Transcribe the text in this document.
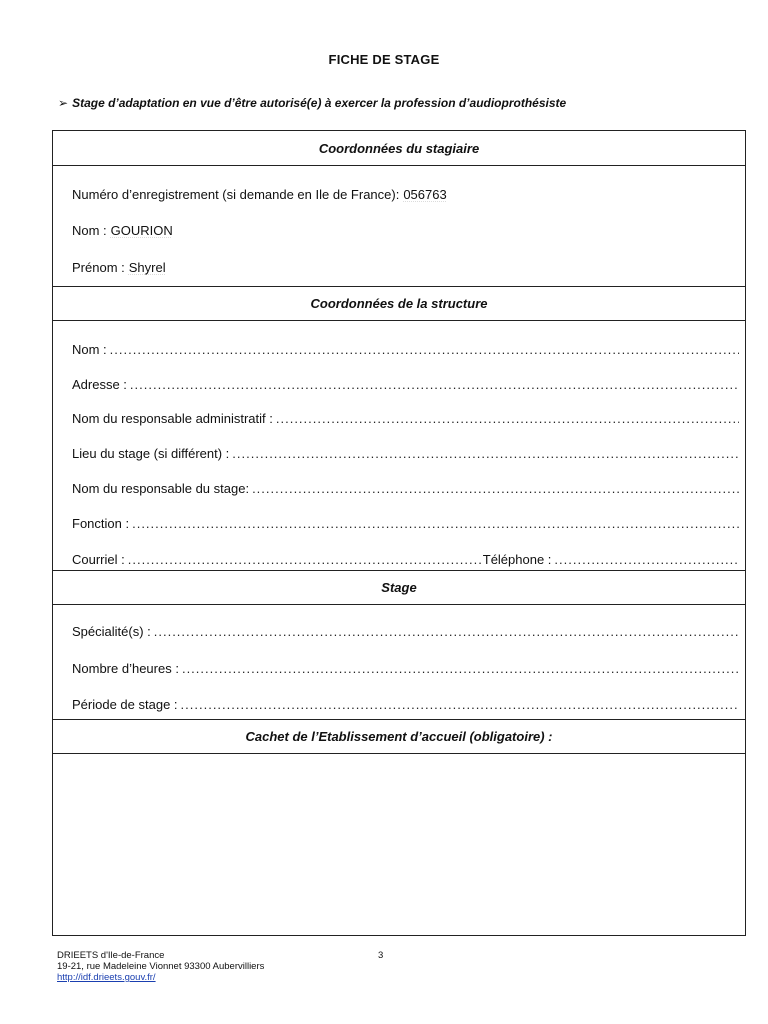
FICHE DE STAGE
➢ Stage d’adaptation en vue d’être autorisé(e) à exercer la profession d’audioprothésiste
Coordonnées du stagiaire
Numéro d’enregistrement (si demande en Ile de France): 056763
Nom : GOURION
Prénom : Shyrel
Coordonnées de la structure
Nom :
.....
Adresse :
.....
Nom du responsable administratif :
.....
Lieu du stage (si différent) :
.....
Nom du responsable du stage:
.....
Fonction :
.....
Courriel :
.....	Téléphone :
.....
Stage
Spécialité(s) :
.....
Nombre d’heures :
.....
Période de stage :
.....
Cachet de l’Etablissement d’accueil (obligatoire) :
DRIEETS d'Ile-de-France
19-21, rue Madeleine Vionnet 93300 Aubervilliers
http://idf.drieets.gouv.fr/
3
